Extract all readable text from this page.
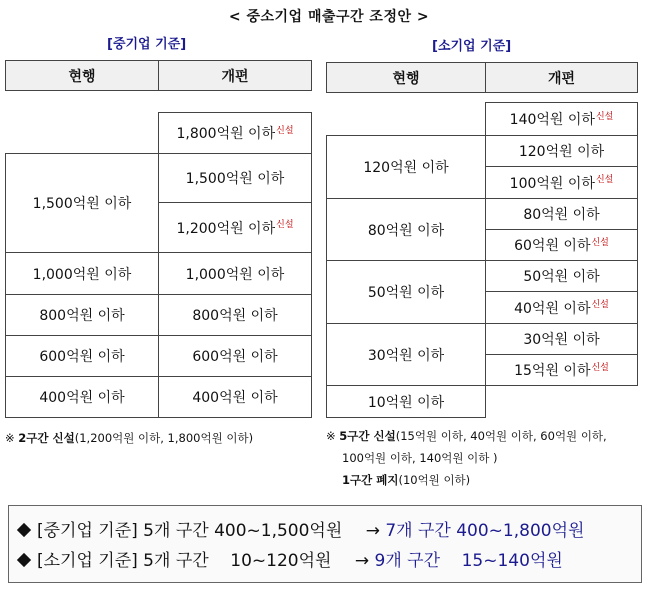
< 중소기업 매출구간 조정안 >
[중기업 기준]
현행	개편
1,500억원 이하
1,000억원 이하
800억원 이하
600억원 이하
400억원 이하
1,800억원 이하$^{신설}$
1,500억원 이하
1,200억원 이하$^{신설}$
1,000억원 이하
800억원 이하
600억원 이하
400억원 이하
※ 2구간 신설(1,200억원 이하, 1,800억원 이하)
[소기업 기준]
현행	개편
120억원 이하
80억원 이하
50억원 이하
30억원 이하
10억원 이하
140억원 이하$^{신설}$
120억원 이하
100억원 이하$^{신설}$
80억원 이하
60억원 이하$^{신설}$
50억원 이하
40억원 이하$^{신설}$
30억원 이하
15억원 이하$^{신설}$
※ 5구간 신설(15억원 이하, 40억원 이하, 60억원 이하,
100억원 이하, 140억원 이하 )
1구간 폐지(10억원 이하)
[중기업 기준] 5개 구간 400~1,500억원 → 7개 구간 400~1,800억원
[소기업 기준] 5개 구간    10~120억원 → 9개 구간    15~140억원
